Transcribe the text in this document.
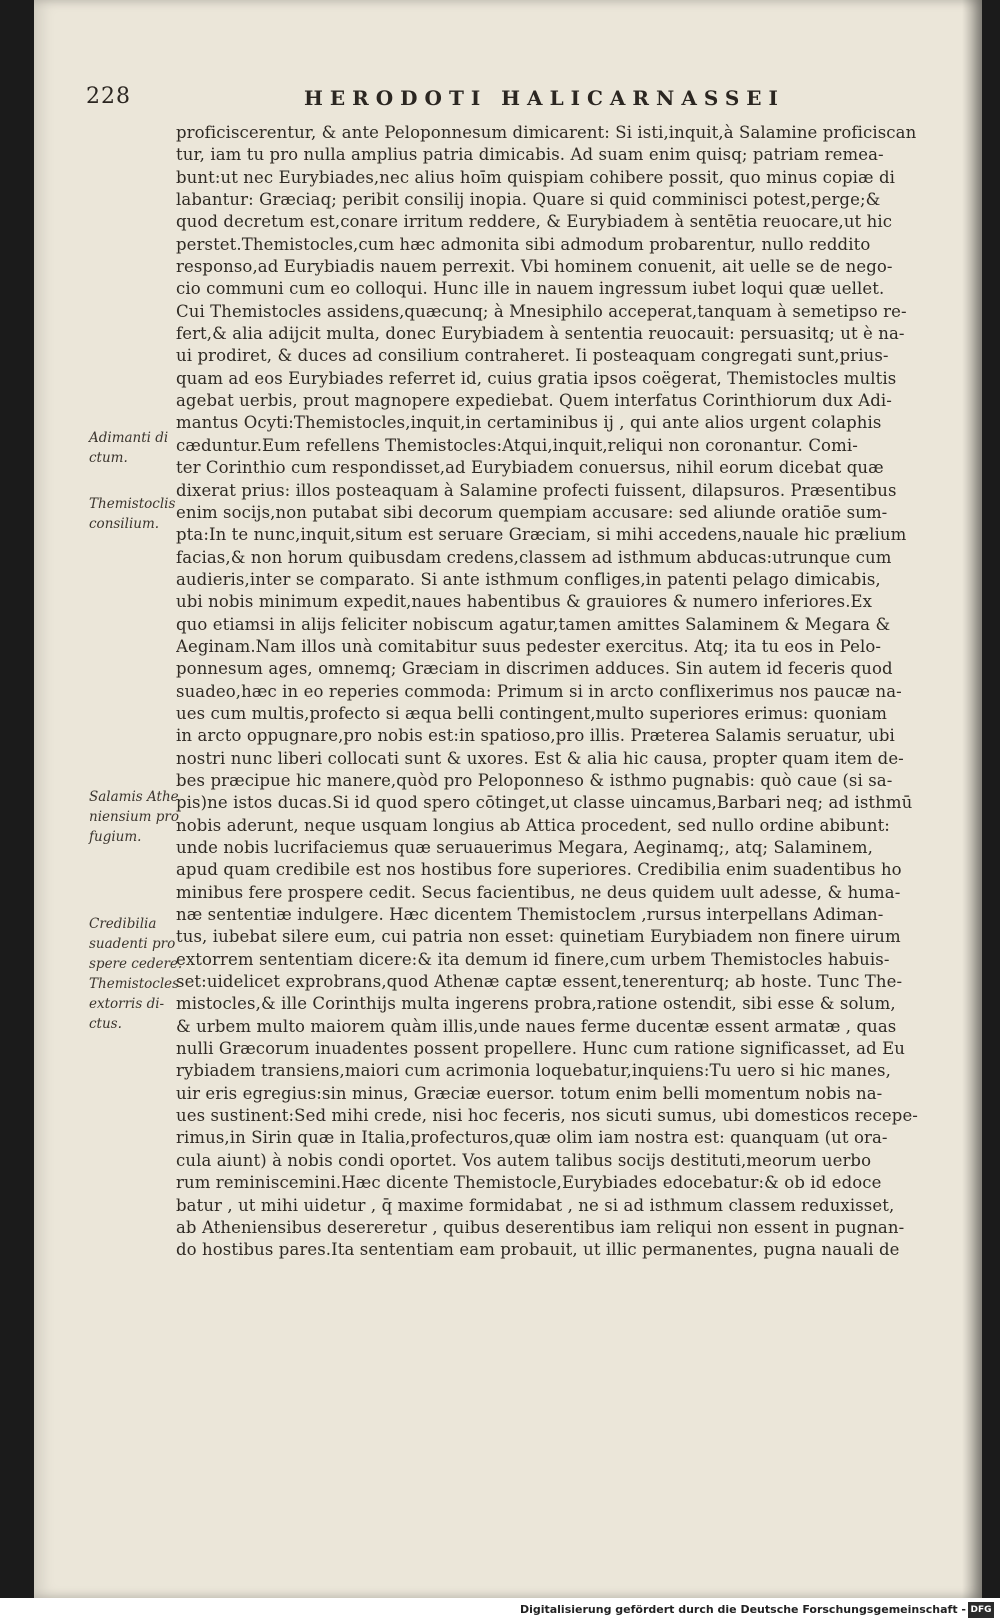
228	HERODOTI HALICARNASSEI
proficiscerentur, & ante Peloponnesum dimicarent: Si isti,inquit,à Salamine proficiscan
tur, iam tu pro nulla amplius patria dimicabis. Ad suam enim quisq; patriam remea-
bunt:ut nec Eurybiades,nec alius hoīm quispiam cohibere possit, quo minus copiæ di
labantur: Græciaq; peribit consilij inopia. Quare si quid comminisci potest,perge;&
quod decretum est,conare irritum reddere, & Eurybiadem à sentētia reuocare,ut hic
perstet.Themistocles,cum hæc admonita sibi admodum probarentur, nullo reddito
responso,ad Eurybiadis nauem perrexit. Vbi hominem conuenit, ait uelle se de nego-
cio communi cum eo colloqui. Hunc ille in nauem ingressum iubet loqui quæ uellet.
Cui Themistocles assidens,quæcunq; à Mnesiphilo acceperat,tanquam à semetipso re-
fert,& alia adijcit multa, donec Eurybiadem à sententia reuocauit: persuasitq; ut è na-
ui prodiret, & duces ad consilium contraheret. Ii posteaquam congregati sunt,prius-
quam ad eos Eurybiades referret id, cuius gratia ipsos coëgerat, Themistocles multis
agebat uerbis, prout magnopere expediebat. Quem interfatus Corinthiorum dux Adi-
mantus Ocyti:Themistocles,inquit,in certaminibus ij , qui ante alios urgent colaphis
cæduntur.Eum refellens Themistocles:Atqui,inquit,reliqui non coronantur. Comi-
ter Corinthio cum respondisset,ad Eurybiadem conuersus, nihil eorum dicebat quæ
dixerat prius: illos posteaquam à Salamine profecti fuissent, dilapsuros. Præsentibus
enim socijs,non putabat sibi decorum quempiam accusare: sed aliunde oratiōe sum-
pta:In te nunc,inquit,situm est seruare Græciam, si mihi accedens,nauale hic prælium
facias,& non horum quibusdam credens,classem ad isthmum abducas:utrunque cum
audieris,inter se comparato. Si ante isthmum confliges,in patenti pelago dimicabis,
ubi nobis minimum expedit,naues habentibus & grauiores & numero inferiores.Ex
quo etiamsi in alijs feliciter nobiscum agatur,tamen amittes Salaminem & Megara &
Aeginam.Nam illos unà comitabitur suus pedester exercitus. Atq; ita tu eos in Pelo-
ponnesum ages, omnemq; Græciam in discrimen adduces. Sin autem id feceris quod
suadeo,hæc in eo reperies commoda: Primum si in arcto conflixerimus nos paucæ na-
ues cum multis,profecto si æqua belli contingent,multo superiores erimus: quoniam
in arcto oppugnare,pro nobis est:in spatioso,pro illis. Præterea Salamis seruatur, ubi
nostri nunc liberi collocati sunt & uxores. Est & alia hic causa, propter quam item de-
bes præcipue hic manere,quòd pro Peloponneso & isthmo pugnabis: quò caue (si sa-
pis)ne istos ducas.Si id quod spero cōtinget,ut classe uincamus,Barbari neq; ad isthmū
nobis aderunt, neque usquam longius ab Attica procedent, sed nullo ordine abibunt:
unde nobis lucrifaciemus quæ seruauerimus Megara, Aeginamq;, atq; Salaminem,
apud quam credibile est nos hostibus fore superiores. Credibilia enim suadentibus ho
minibus fere prospere cedit. Secus facientibus, ne deus quidem uult adesse, & huma-
næ sententiæ indulgere. Hæc dicentem Themistoclem ,rursus interpellans Adiman-
tus, iubebat silere eum, cui patria non esset: quinetiam Eurybiadem non finere uirum
extorrem sententiam dicere:& ita demum id finere,cum urbem Themistocles habuis-
set:uidelicet exprobrans,quod Athenæ captæ essent,tenerenturq; ab hoste. Tunc The-
mistocles,& ille Corinthijs multa ingerens probra,ratione ostendit, sibi esse & solum,
& urbem multo maiorem quàm illis,unde naues ferme ducentæ essent armatæ , quas
nulli Græcorum inuadentes possent propellere. Hunc cum ratione significasset, ad Eu
rybiadem transiens,maiori cum acrimonia loquebatur,inquiens:Tu uero si hic manes,
uir eris egregius:sin minus, Græciæ euersor. totum enim belli momentum nobis na-
ues sustinent:Sed mihi crede, nisi hoc feceris, nos sicuti sumus, ubi domesticos recepe-
rimus,in Sirin quæ in Italia,profecturos,quæ olim iam nostra est: quanquam (ut ora-
cula aiunt) à nobis condi oportet. Vos autem talibus socijs destituti,meorum uerbo
rum reminiscemini.Hæc dicente Themistocle,Eurybiades edocebatur:& ob id edoce
batur , ut mihi uidetur , q̄ maxime formidabat , ne si ad isthmum classem reduxisset,
ab Atheniensibus desereretur , quibus deserentibus iam reliqui non essent in pugnan-
do hostibus pares.Ita sententiam eam probauit, ut illic permanentes, pugna nauali de
Adimanti di
ctum.
Themistoclis
consilium.
Salamis Athe
niensium pro
fugium.
Credibilia
suadenti pro
spere cedere.
Themistocles
extorris di-
ctus.
Digitalisierung gefördert durch die Deutsche Forschungsgemeinschaft - DFG
